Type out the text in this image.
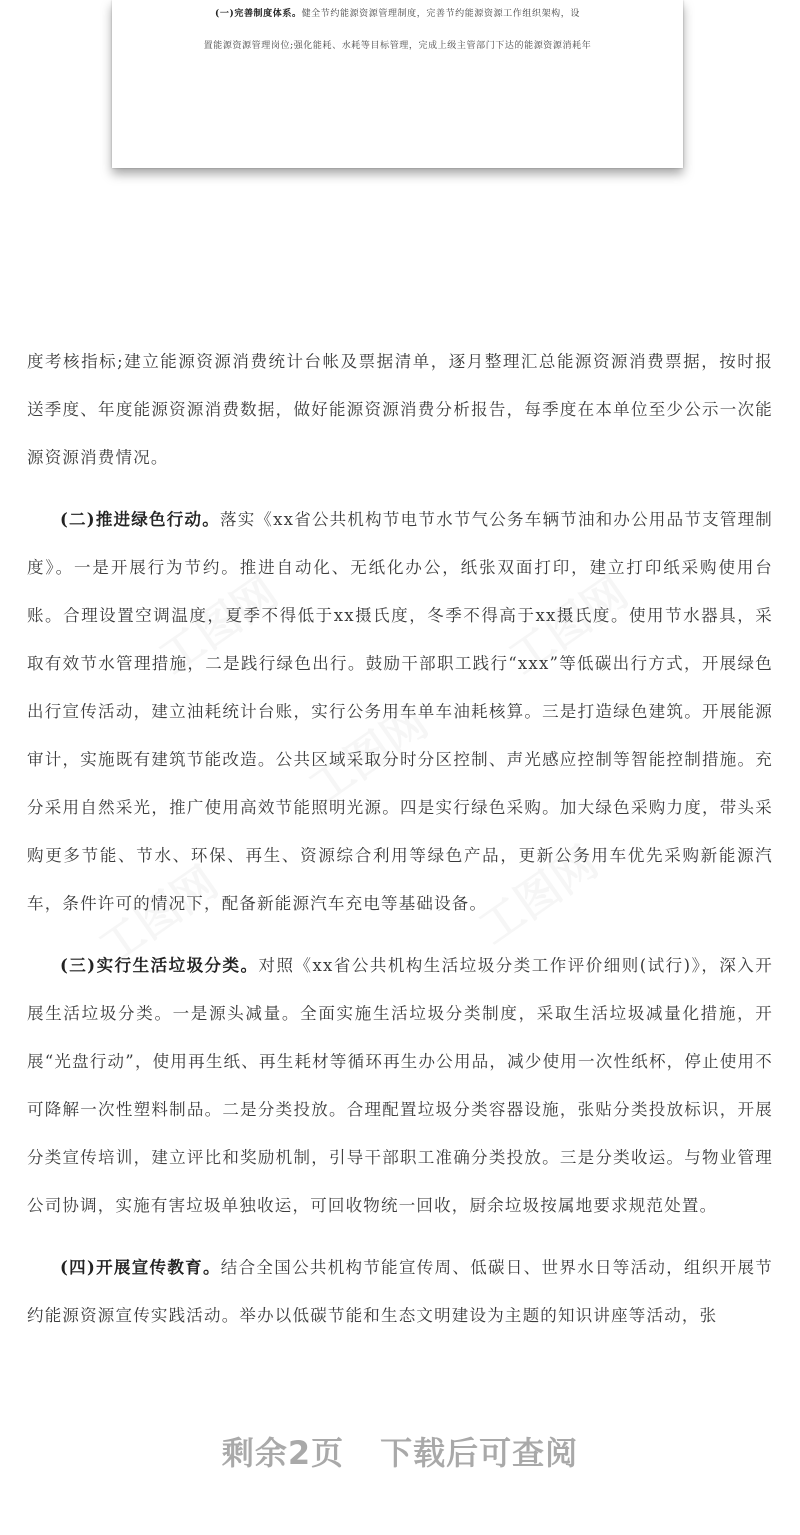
(一)完善制度体系。健全节约能源资源管理制度，完善节约能源资源工作组织架构，设
置能源资源管理岗位;强化能耗、水耗等目标管理，完成上级主管部门下达的能源资源消耗年

度考核指标;建立能源资源消费统计台帐及票据清单，逐月整理汇总能源资源消费票据，按时报送季度、年度能源资源消费数据，做好能源资源消费分析报告，每季度在本单位至少公示一次能源资源消费情况。

(二)推进绿色行动。落实《xx省公共机构节电节水节气公务车辆节油和办公用品节支管理制度》。一是开展行为节约。推进自动化、无纸化办公，纸张双面打印，建立打印纸采购使用台账。合理设置空调温度，夏季不得低于xx摄氏度，冬季不得高于xx摄氏度。使用节水器具，采取有效节水管理措施，二是践行绿色出行。鼓励干部职工践行“xxx”等低碳出行方式，开展绿色出行宣传活动，建立油耗统计台账，实行公务用车单车油耗核算。三是打造绿色建筑。开展能源审计，实施既有建筑节能改造。公共区域采取分时分区控制、声光感应控制等智能控制措施。充分采用自然采光，推广使用高效节能照明光源。四是实行绿色采购。加大绿色采购力度，带头采购更多节能、节水、环保、再生、资源综合利用等绿色产品，更新公务用车优先采购新能源汽车，条件许可的情况下，配备新能源汽车充电等基础设备。

(三)实行生活垃圾分类。对照《xx省公共机构生活垃圾分类工作评价细则(试行)》，深入开展生活垃圾分类。一是源头减量。全面实施生活垃圾分类制度，采取生活垃圾减量化措施，开展“光盘行动”，使用再生纸、再生耗材等循环再生办公用品，减少使用一次性纸杯，停止使用不可降解一次性塑料制品。二是分类投放。合理配置垃圾分类容器设施，张贴分类投放标识，开展分类宣传培训，建立评比和奖励机制，引导干部职工准确分类投放。三是分类收运。与物业管理公司协调，实施有害垃圾单独收运，可回收物统一回收，厨余垃圾按属地要求规范处置。

(四)开展宣传教育。结合全国公共机构节能宣传周、低碳日、世界水日等活动，组织开展节约能源资源宣传实践活动。举办以低碳节能和生态文明建设为主题的知识讲座等活动，张

剩余2页 下载后可查阅
